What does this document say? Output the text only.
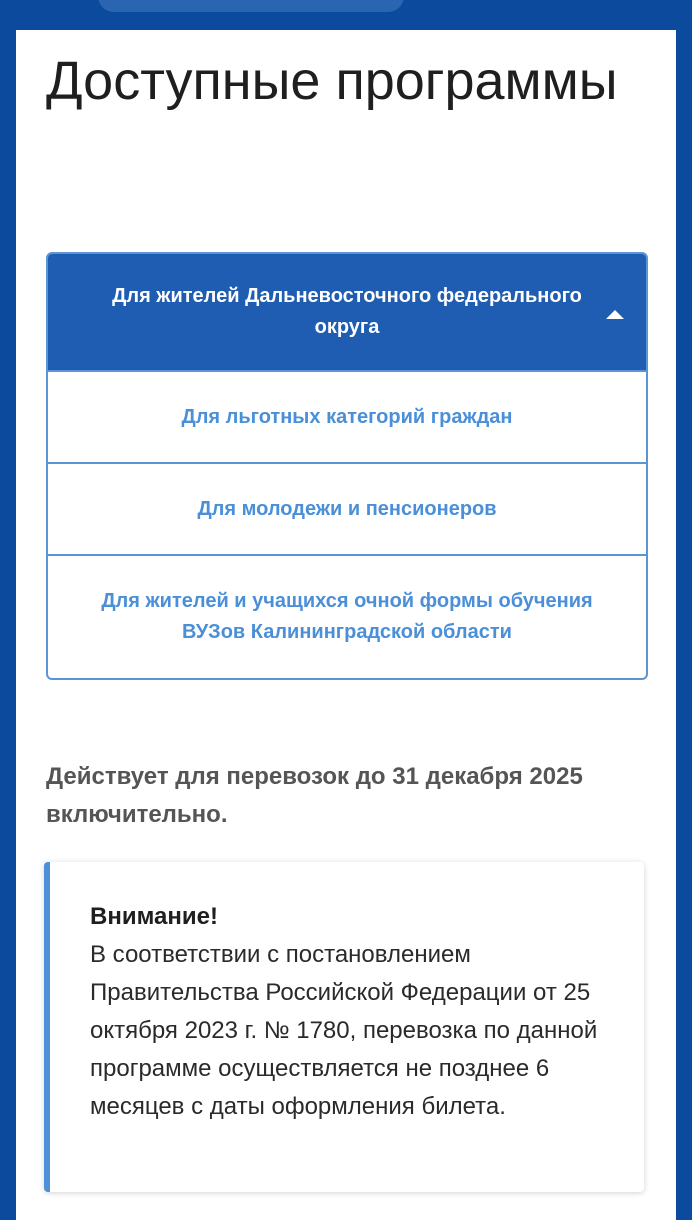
Доступные программы
Для жителей Дальневосточного федерального округа
Для льготных категорий граждан
Для молодежи и пенсионеров
Для жителей и учащихся очной формы обучения ВУЗов Калининградской области

Действует для перевозок до 31 декабря 2025 включительно.

Внимание!

В соответствии с постановлением Правительства Российской Федерации от 25 октября 2023 г. № 1780, перевозка по данной программе осуществляется не позднее 6 месяцев с даты оформления билета.
